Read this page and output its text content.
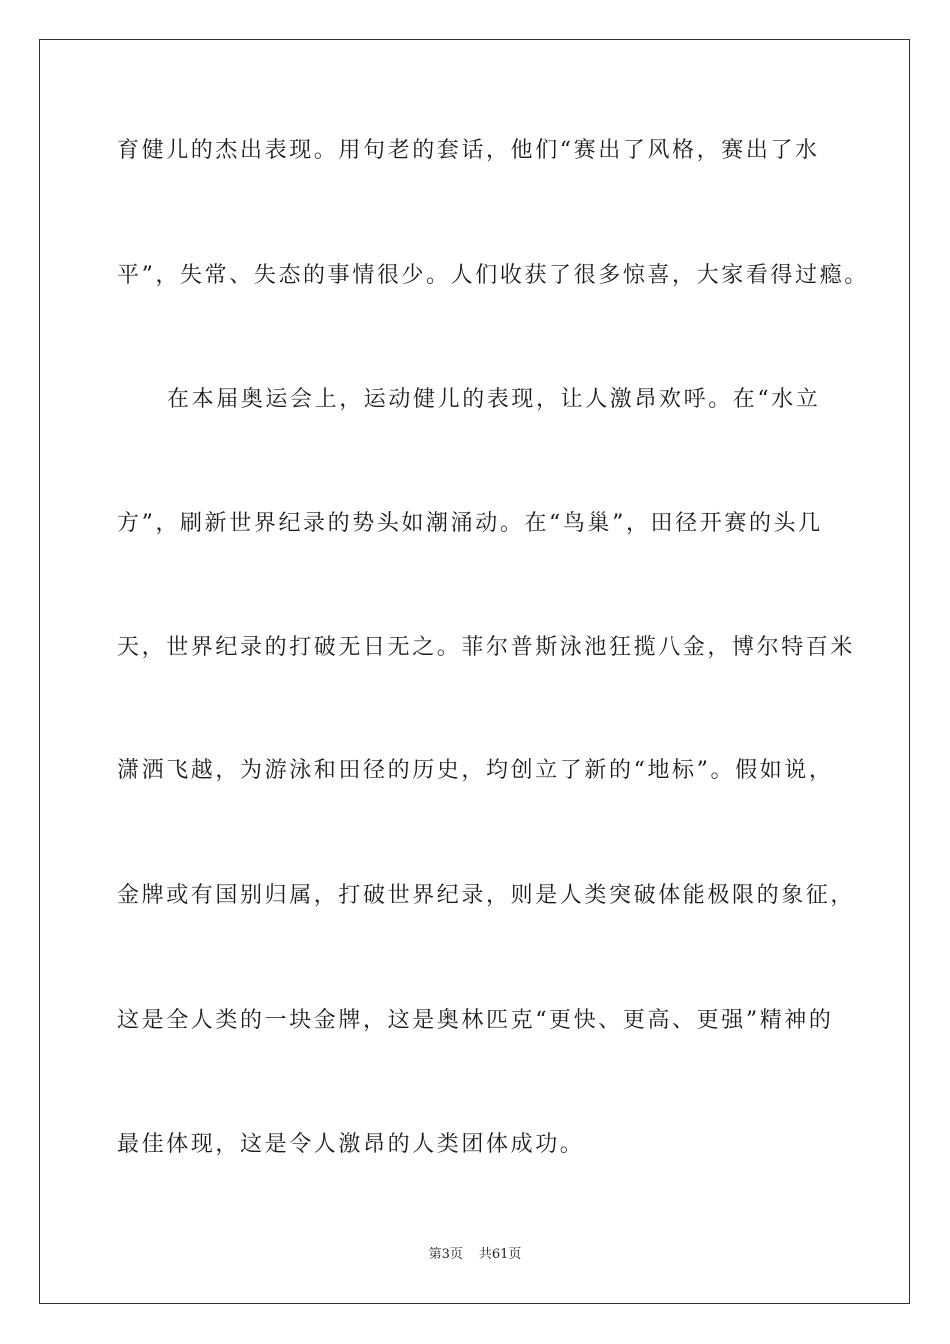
育健儿的杰出表现。用句老的套话，他们“赛出了风格，赛出了水
平”，失常、失态的事情很少。人们收获了很多惊喜，大家看得过瘾。
在本届奥运会上，运动健儿的表现，让人激昂欢呼。在“水立
方”，刷新世界纪录的势头如潮涌动。在“鸟巢”，田径开赛的头几
天，世界纪录的打破无日无之。菲尔普斯泳池狂揽八金，博尔特百米
潇洒飞越，为游泳和田径的历史，均创立了新的“地标”。假如说，
金牌或有国别归属，打破世界纪录，则是人类突破体能极限的象征，
这是全人类的一块金牌，这是奥林匹克“更快、更高、更强”精神的
最佳体现，这是令人激昂的人类团体成功。
第3页 共61页
